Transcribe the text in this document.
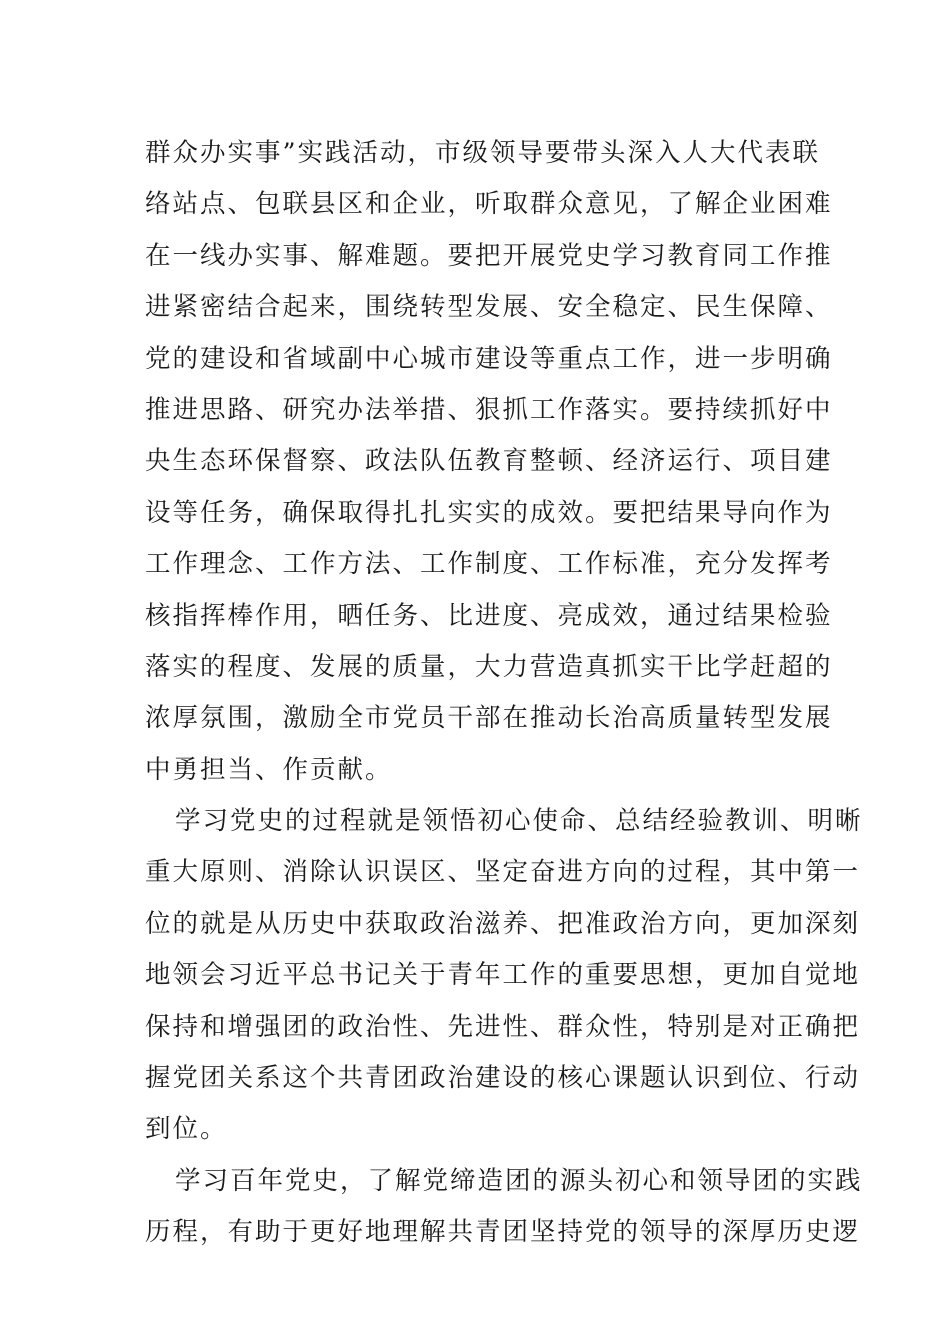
群众办实事”实践活动，市级领导要带头深入人大代表联
络站点、包联县区和企业，听取群众意见，了解企业困难
在一线办实事、解难题。要把开展党史学习教育同工作推
进紧密结合起来，围绕转型发展、安全稳定、民生保障、
党的建设和省域副中心城市建设等重点工作，进一步明确
推进思路、研究办法举措、狠抓工作落实。要持续抓好中
央生态环保督察、政法队伍教育整顿、经济运行、项目建
设等任务，确保取得扎扎实实的成效。要把结果导向作为
工作理念、工作方法、工作制度、工作标准，充分发挥考
核指挥棒作用，晒任务、比进度、亮成效，通过结果检验
落实的程度、发展的质量，大力营造真抓实干比学赶超的
浓厚氛围，激励全市党员干部在推动长治高质量转型发展
中勇担当、作贡献。
学习党史的过程就是领悟初心使命、总结经验教训、明晰
重大原则、消除认识误区、坚定奋进方向的过程，其中第一
位的就是从历史中获取政治滋养、把准政治方向，更加深刻
地领会习近平总书记关于青年工作的重要思想，更加自觉地
保持和增强团的政治性、先进性、群众性，特别是对正确把
握党团关系这个共青团政治建设的核心课题认识到位、行动
到位。
学习百年党史，了解党缔造团的源头初心和领导团的实践
历程，有助于更好地理解共青团坚持党的领导的深厚历史逻
